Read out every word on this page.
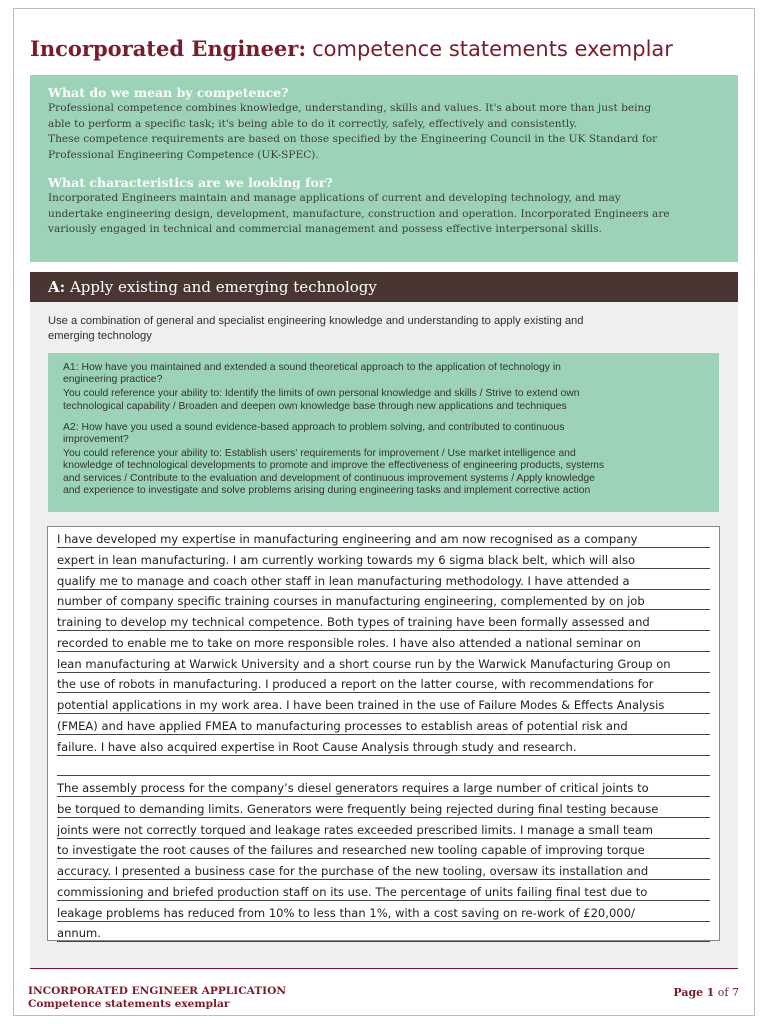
Incorporated Engineer: competence statements exemplar
What do we mean by competence?

Professional competence combines knowledge, understanding, skills and values. It's about more than just being
able to perform a specific task; it's being able to do it correctly, safely, effectively and consistently.
These competence requirements are based on those specified by the Engineering Council in the UK Standard for
Professional Engineering Competence (UK-SPEC).

What characteristics are we looking for?

Incorporated Engineers maintain and manage applications of current and developing technology, and may
undertake engineering design, development, manufacture, construction and operation. Incorporated Engineers are
variously engaged in technical and commercial management and possess effective interpersonal skills.

A: Apply existing and emerging technology

Use a combination of general and specialist engineering knowledge and understanding to apply existing and
emerging technology

A1: How have you maintained and extended a sound theoretical approach to the application of technology in
engineering practice?

You could reference your ability to: Identify the limits of own personal knowledge and skills / Strive to extend own
technological capability / Broaden and deepen own knowledge base through new applications and techniques

A2: How have you used a sound evidence-based approach to problem solving, and contributed to continuous
improvement?

You could reference your ability to: Establish users' requirements for improvement / Use market intelligence and
knowledge of technological developments to promote and improve the effectiveness of engineering products, systems
and services / Contribute to the evaluation and development of continuous improvement systems / Apply knowledge
and experience to investigate and solve problems arising during engineering tasks and implement corrective action

I have developed my expertise in manufacturing engineering and am now recognised as a company
expert in lean manufacturing. I am currently working towards my 6 sigma black belt, which will also
qualify me to manage and coach other staff in lean manufacturing methodology. I have attended a
number of company specific training courses in manufacturing engineering, complemented by on job
training to develop my technical competence. Both types of training have been formally assessed and
recorded to enable me to take on more responsible roles. I have also attended a national seminar on
lean manufacturing at Warwick University and a short course run by the Warwick Manufacturing Group on
the use of robots in manufacturing. I produced a report on the latter course, with recommendations for
potential applications in my work area. I have been trained in the use of Failure Modes & Effects Analysis
(FMEA) and have applied FMEA to manufacturing processes to establish areas of potential risk and
failure. I have also acquired expertise in Root Cause Analysis through study and research.
The assembly process for the company’s diesel generators requires a large number of critical joints to
be torqued to demanding limits. Generators were frequently being rejected during final testing because
joints were not correctly torqued and leakage rates exceeded prescribed limits. I manage a small team
to investigate the root causes of the failures and researched new tooling capable of improving torque
accuracy. I presented a business case for the purchase of the new tooling, oversaw its installation and
commissioning and briefed production staff on its use. The percentage of units failing final test due to
leakage problems has reduced from 10% to less than 1%, with a cost saving on re-work of £20,000/
annum.

INCORPORATED ENGINEER APPLICATION
Competence statements exemplar

Page 1 of 7
